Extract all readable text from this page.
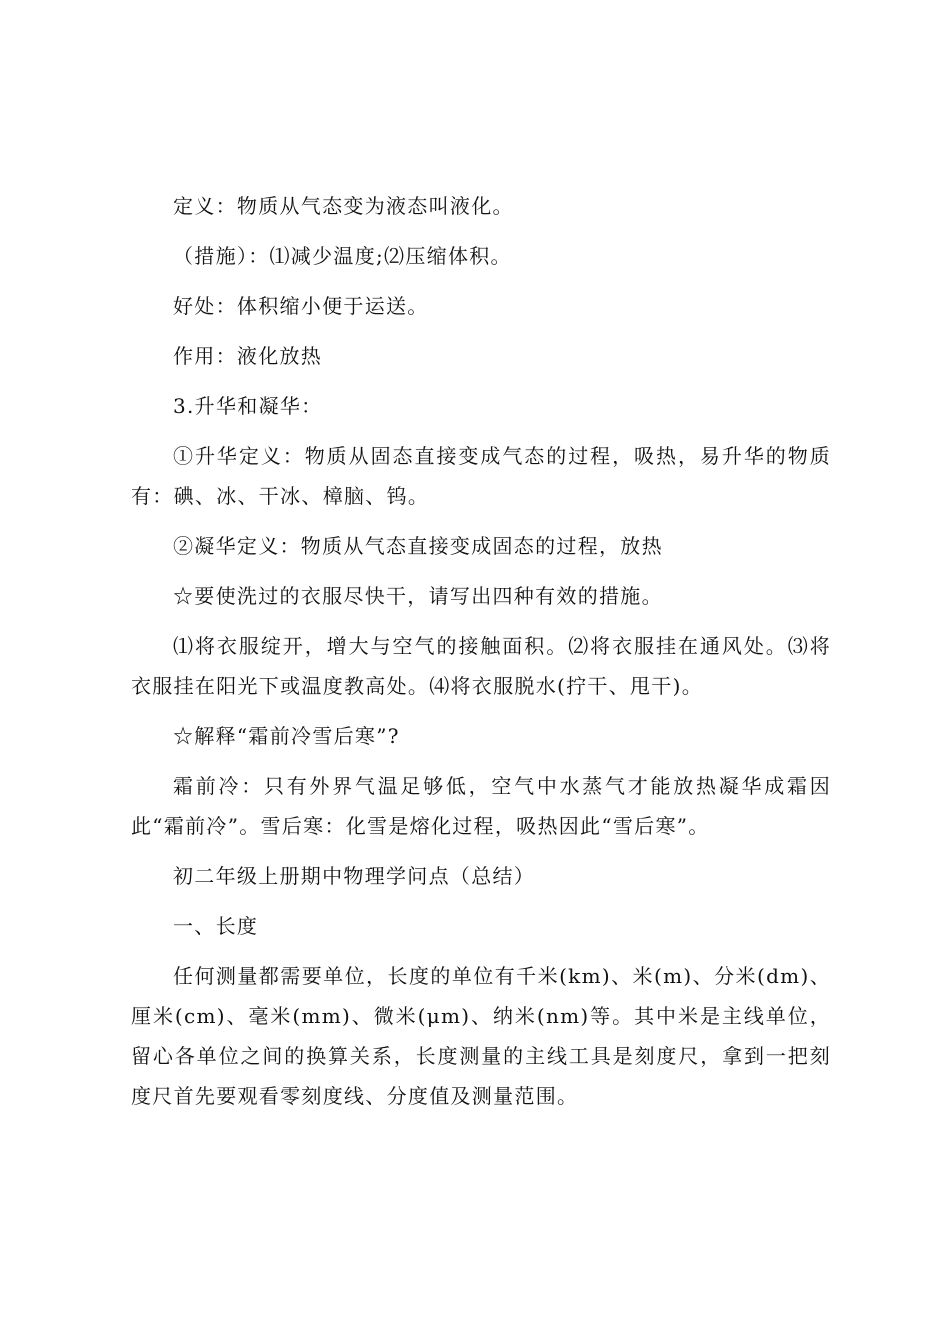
定义：物质从气态变为液态叫液化。

（措施）：⑴减少温度;⑵压缩体积。

好处：体积缩小便于运送。

作用：液化放热

3.升华和凝华：

①升华定义：物质从固态直接变成气态的过程，吸热，易升华的物质有：碘、冰、干冰、樟脑、钨。

②凝华定义：物质从气态直接变成固态的过程，放热

☆要使洗过的衣服尽快干，请写出四种有效的措施。

⑴将衣服绽开，增大与空气的接触面积。⑵将衣服挂在通风处。⑶将衣服挂在阳光下或温度教高处。⑷将衣服脱水(拧干、甩干)。

☆解释“霜前冷雪后寒”?

霜前冷：只有外界气温足够低，空气中水蒸气才能放热凝华成霜因此“霜前冷”。雪后寒：化雪是熔化过程，吸热因此“雪后寒”。

初二年级上册期中物理学问点（总结）

一、长度

任何测量都需要单位，长度的单位有千米(km)、米(m)、分米(dm)、厘米(cm)、毫米(mm)、微米(μm)、纳米(nm)等。其中米是主线单位，留心各单位之间的换算关系，长度测量的主线工具是刻度尺，拿到一把刻度尺首先要观看零刻度线、分度值及测量范围。
